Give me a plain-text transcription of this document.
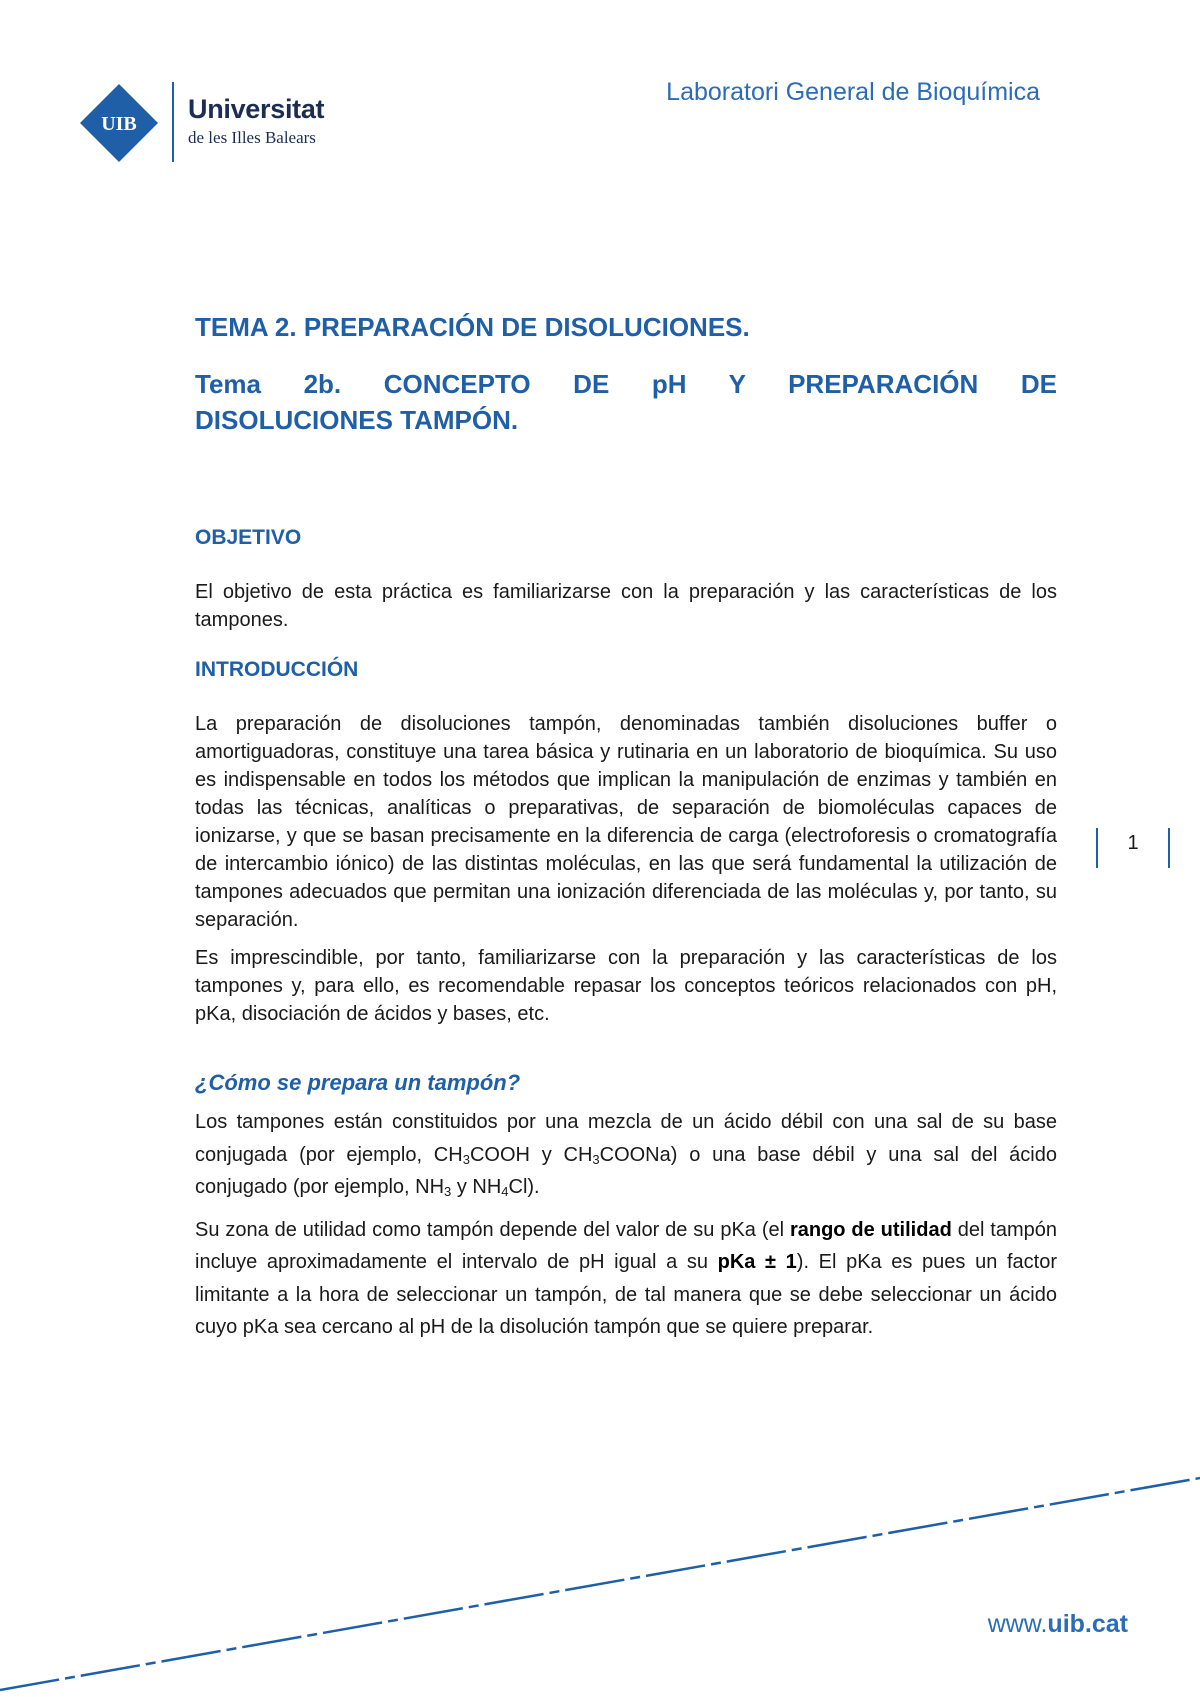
UIB Universitat
de les Illes Balears
Laboratori General de Bioquímica
TEMA 2. PREPARACIÓN DE DISOLUCIONES.
Tema 2b. CONCEPTO DE pH Y PREPARACIÓN DE
DISOLUCIONES TAMPÓN.
OBJETIVO

El objetivo de esta práctica es familiarizarse con la preparación y las características de los tampones.

INTRODUCCIÓN

La preparación de disoluciones tampón, denominadas también disoluciones buffer o amortiguadoras, constituye una tarea básica y rutinaria en un laboratorio de bioquímica. Su uso es indispensable en todos los métodos que implican la manipulación de enzimas y también en todas las técnicas, analíticas o preparativas, de separación de biomoléculas capaces de ionizarse, y que se basan precisamente en la diferencia de carga (electroforesis o cromatografía de intercambio iónico) de las distintas moléculas, en las que será fundamental la utilización de tampones adecuados que permitan una ionización diferenciada de las moléculas y, por tanto, su separación.

Es imprescindible, por tanto, familiarizarse con la preparación y las características de los tampones y, para ello, es recomendable repasar los conceptos teóricos relacionados con pH, pKa, disociación de ácidos y bases, etc.

¿Cómo se prepara un tampón?

Los tampones están constituidos por una mezcla de un ácido débil con una sal de su base conjugada (por ejemplo, $CH_3COOH$ y $CH_3COONa$) o una base débil y una sal del ácido conjugado (por ejemplo, $NH_3$ y $NH_4Cl$).

Su zona de utilidad como tampón depende del valor de su pKa (el rango de utilidad del tampón incluye aproximadamente el intervalo de pH igual a su pKa ± 1). El pKa es pues un factor limitante a la hora de seleccionar un tampón, de tal manera que se debe seleccionar un ácido cuyo pKa sea cercano al pH de la disolución tampón que se quiere preparar.

1
www.uib.cat
